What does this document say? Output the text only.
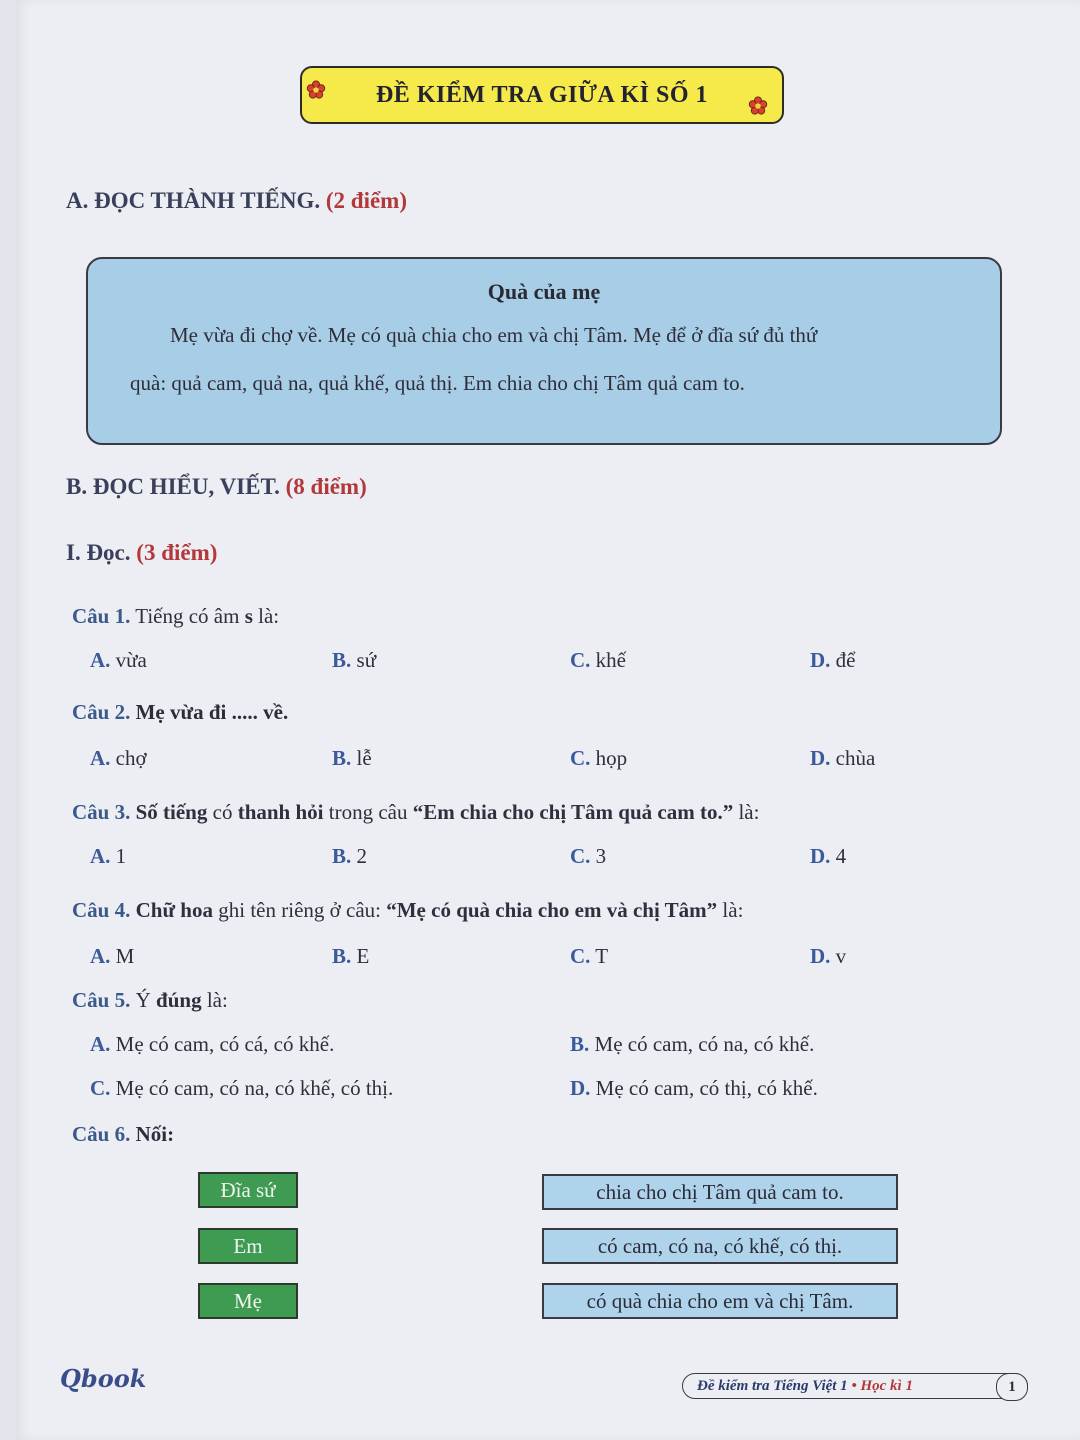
ĐỀ KIỂM TRA GIỮA KÌ SỐ 1
A. ĐỌC THÀNH TIẾNG. (2 điểm)
Quà của mẹ
Mẹ vừa đi chợ về. Mẹ có quà chia cho em và chị Tâm. Mẹ để ở đĩa sứ đủ thứ
quà: quả cam, quả na, quả khế, quả thị. Em chia cho chị Tâm quả cam to.
B. ĐỌC HIỂU, VIẾT. (8 điểm)
I. Đọc. (3 điểm)
Câu 1. Tiếng có âm s là:
A. vừa	B. sứ	C. khế	D. để
Câu 2. Mẹ vừa đi ..... về.
A. chợ	B. lễ	C. họp	D. chùa
Câu 3. Số tiếng có thanh hỏi trong câu “Em chia cho chị Tâm quả cam to.” là:
A. 1	B. 2	C. 3	D. 4
Câu 4. Chữ hoa ghi tên riêng ở câu: “Mẹ có quà chia cho em và chị Tâm” là:
A. M	B. E	C. T	D. v
Câu 5. Ý đúng là:
A. Mẹ có cam, có cá, có khế.	B. Mẹ có cam, có na, có khế.
C. Mẹ có cam, có na, có khế, có thị.	D. Mẹ có cam, có thị, có khế.
Câu 6. Nối:
Đĩa sứ
Em
Mẹ
chia cho chị Tâm quả cam to.
có cam, có na, có khế, có thị.
có quà chia cho em và chị Tâm.
Qbook	Đề kiểm tra Tiếng Việt 1
•
Học kì 1	1
